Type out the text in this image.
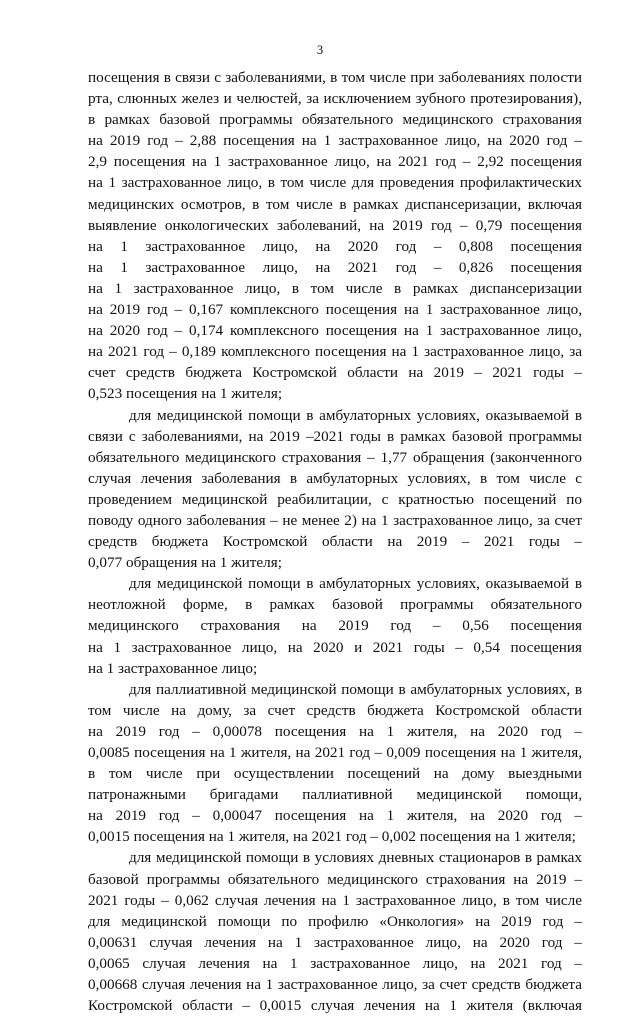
3
посещения в связи с заболеваниями, в том числе при заболеваниях полости
рта, слюнных желез и челюстей, за исключением зубного протезирования),
в рамках базовой программы обязательного медицинского страхования
на 2019 год – 2,88 посещения на 1 застрахованное лицо, на 2020 год –
2,9 посещения на 1 застрахованное лицо, на 2021 год – 2,92 посещения
на 1 застрахованное лицо, в том числе для проведения профилактических
медицинских осмотров, в том числе в рамках диспансеризации, включая
выявление онкологических заболеваний, на 2019 год – 0,79 посещения
на 1 застрахованное лицо, на 2020 год – 0,808 посещения
на 1 застрахованное лицо, на 2021 год – 0,826 посещения
на 1 застрахованное лицо, в том числе в рамках диспансеризации
на 2019 год – 0,167 комплексного посещения на 1 застрахованное лицо,
на 2020 год – 0,174 комплексного посещения на 1 застрахованное лицо,
на 2021 год – 0,189 комплексного посещения на 1 застрахованное лицо, за
счет средств бюджета Костромской области на 2019 – 2021 годы –
0,523 посещения на 1 жителя;
для медицинской помощи в амбулаторных условиях, оказываемой в
связи с заболеваниями, на 2019 –2021 годы в рамках базовой программы
обязательного медицинского страхования – 1,77 обращения (законченного
случая лечения заболевания в амбулаторных условиях, в том числе с
проведением медицинской реабилитации, с кратностью посещений по
поводу одного заболевания – не менее 2) на 1 застрахованное лицо, за счет
средств бюджета Костромской области на 2019 – 2021 годы –
0,077 обращения на 1 жителя;
для медицинской помощи в амбулаторных условиях, оказываемой в
неотложной форме, в рамках базовой программы обязательного
медицинского страхования на 2019 год – 0,56 посещения
на 1 застрахованное лицо, на 2020 и 2021 годы – 0,54 посещения
на 1 застрахованное лицо;
для паллиативной медицинской помощи в амбулаторных условиях, в
том числе на дому, за счет средств бюджета Костромской области
на 2019 год – 0,00078 посещения на 1 жителя, на 2020 год –
0,0085 посещения на 1 жителя, на 2021 год – 0,009 посещения на 1 жителя,
в том числе при осуществлении посещений на дому выездными
патронажными бригадами паллиативной медицинской помощи,
на 2019 год – 0,00047 посещения на 1 жителя, на 2020 год –
0,0015 посещения на 1 жителя, на 2021 год – 0,002 посещения на 1 жителя;
для медицинской помощи в условиях дневных стационаров в рамках
базовой программы обязательного медицинского страхования на 2019 –
2021 годы – 0,062 случая лечения на 1 застрахованное лицо, в том числе
для медицинской помощи по профилю «Онкология» на 2019 год –
0,00631 случая лечения на 1 застрахованное лицо, на 2020 год –
0,0065 случая лечения на 1 застрахованное лицо, на 2021 год –
0,00668 случая лечения на 1 застрахованное лицо, за счет средств бюджета
Костромской области – 0,0015 случая лечения на 1 жителя (включая
